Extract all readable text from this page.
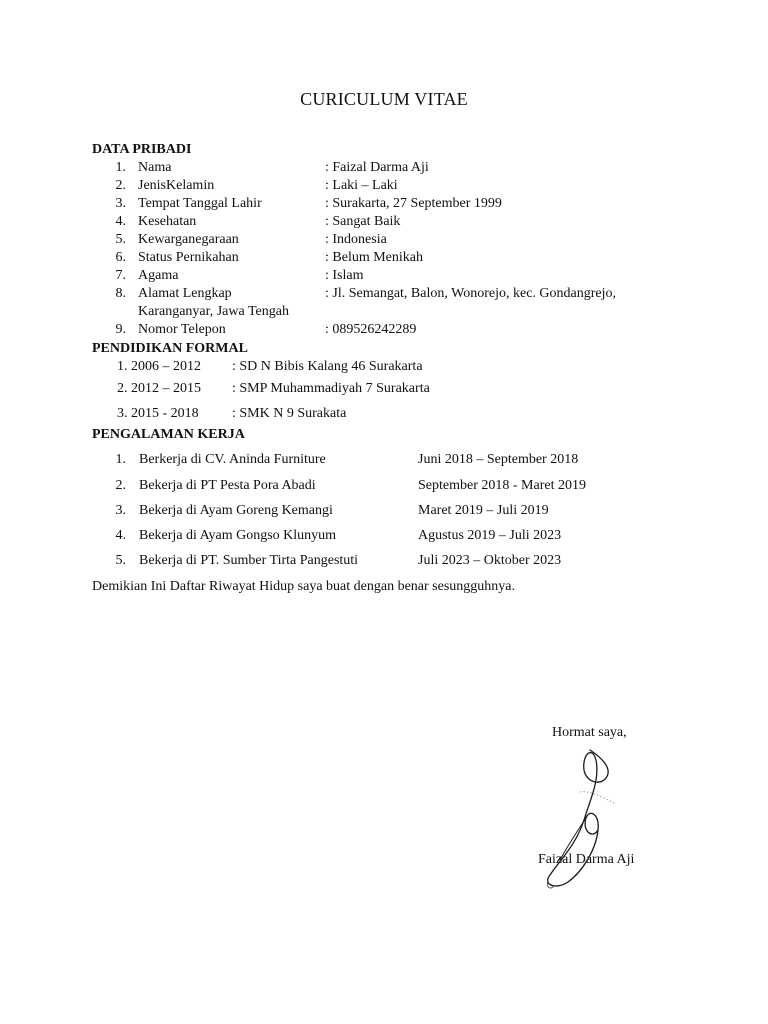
CURICULUM VITAE
DATA PRIBADI
1. Nama	: Faizal Darma Aji
2. JenisKelamin	: Laki – Laki
3. Tempat Tanggal Lahir	: Surakarta, 27 September 1999
4. Kesehatan	: Sangat Baik
5. Kewarganegaraan	: Indonesia
6. Status Pernikahan	: Belum Menikah
7. Agama	: Islam
8. Alamat Lengkap	: Jl. Semangat, Balon, Wonorejo, kec. Gondangrejo,
Karanganyar, Jawa Tengah
9. Nomor Telepon	: 089526242289
PENDIDIKAN FORMAL
1. 2006 – 2012 : SD N Bibis Kalang 46 Surakarta
2. 2012 – 2015 : SMP Muhammadiyah 7 Surakarta
3. 2015 - 2018 : SMK N 9 Surakata
PENGALAMAN KERJA
1. Berkerja di CV. Aninda Furniture	Juni 2018 – September 2018
2. Bekerja di PT Pesta Pora Abadi	September 2018 - Maret 2019
3. Bekerja di Ayam Goreng Kemangi	Maret 2019 – Juli 2019
4. Bekerja di Ayam Gongso Klunyum	Agustus 2019 – Juli 2023
5. Bekerja di PT. Sumber Tirta Pangestuti	Juli 2023 – Oktober 2023
Demikian Ini Daftar Riwayat Hidup saya buat dengan benar sesungguhnya.
Hormat saya,
Faizal Darma Aji
